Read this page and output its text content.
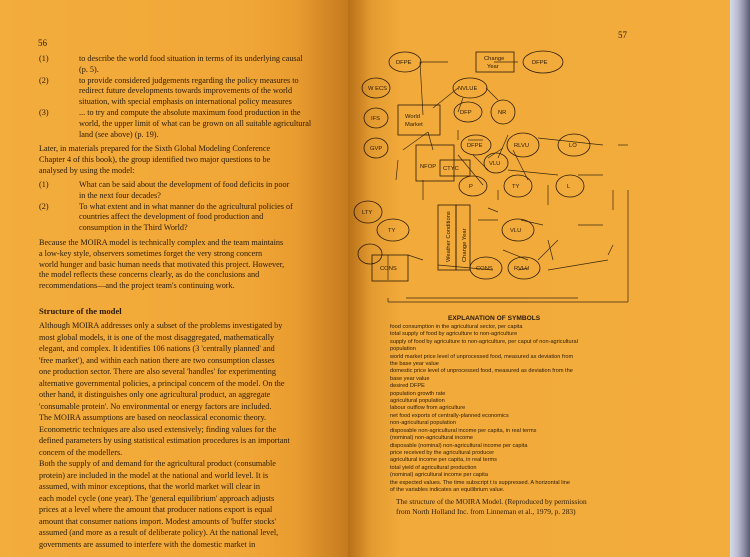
56
(1)	to describe the world food situation in terms of its underlying causal
(p. 5).
(2)	to provide considered judgements regarding the policy measures to
redirect future developments towards improvements of the world
situation, with special emphasis on international policy measures
(3)	... to try and compute the absolute maximum food production in the
world, the upper limit of what can be grown on all suitable agricultural
land (see above) (p. 19).
Later, in materials prepared for the Sixth Global Modeling Conference
Chapter 4 of this book), the group identified two major questions to be
analysed by using the model:
(1)	What can be said about the development of food deficits in poor
in the next four decades?
(2)	To what extent and in what manner do the agricultural policies of
countries affect the development of food production and
consumption in the Third World?
Because the MOIRA model is technically complex and the team maintains
a low-key style, observers sometimes forget the very strong concern
world hunger and basic human needs that motivated this project. However,
the model reflects these concerns clearly, as do the conclusions and
recommendations—and the project team's continuing work.
Structure of the model
Although MOIRA addresses only a subset of the problems investigated by
most global models, it is one of the most disaggregated, mathematically
elegant, and complex. It identifies 106 nations (3 'centrally planned' and
'free market'), and within each nation there are two consumption classes
one production sector. There are also several 'handles' for experimenting
alternative governmental policies, a principal concern of the model. On the
other hand, it distinguishes only one agricultural product, an aggregate
'consumable protein'. No environmental or energy factors are included.
The MOIRA assumptions are based on neoclassical economic theory.
Econometric techniques are also used extensively; finding values for the
defined parameters by using statistical estimation procedures is an important
concern of the modellers.
Both the supply of and demand for the agricultural product (consumable
protein) are included in the model at the national and world level. It is
assumed, with minor exceptions, that the world market will clear in
each model cycle (one year). The 'general equilibrium' approach adjusts
prices at a level where the amount that producer nations export is equal
amount that consumer nations import. Modest amounts of 'buffer stocks'
assumed (and more as a result of deliberate policy). At the national level,
governments are assumed to interfere with the domestic market in
57
DFPE
Change
Year
DFPE
NVLUE
World
Market
DFP	NR
NFOP CTYC
DFPE	RLVU	LO
VLU
P	TY	L
TY	VLU
CONS	CONS	RVLU
W ECS
IFS
GVP
LTY	Weather Conditions Change Year
EXPLANATION OF SYMBOLS
food consumption in the agricultural sector, per capita
total supply of food by agriculture to non-agriculture
supply of food by agriculture to non-agriculture, per caput of non-agricultural
population
world market price level of unprocessed food, measured as deviation from
the base year value
domestic price level of unprocessed food, measured as deviation from the
base year value
desired DFPE
population growth rate
agricultural population
labour outflow from agriculture
net food exports of centrally-planned economics
non-agricultural population
disposable non-agricultural income per capita, in real terms
(nominal) non-agricultural income
disposable (nominal) non-agricultural income per capita
price received by the agricultural producer
agricultural income per capita, in real terms
total yield of agricultural production
(nominal) agricultural income per capita
the expected values. The time subscript t is suppressed. A horizontal line
of the variables indicates an equilibrium value.
The structure of the MOIRA Model. (Reproduced by permission
from North Holland Inc. from Linneman et al., 1979, p. 283)
